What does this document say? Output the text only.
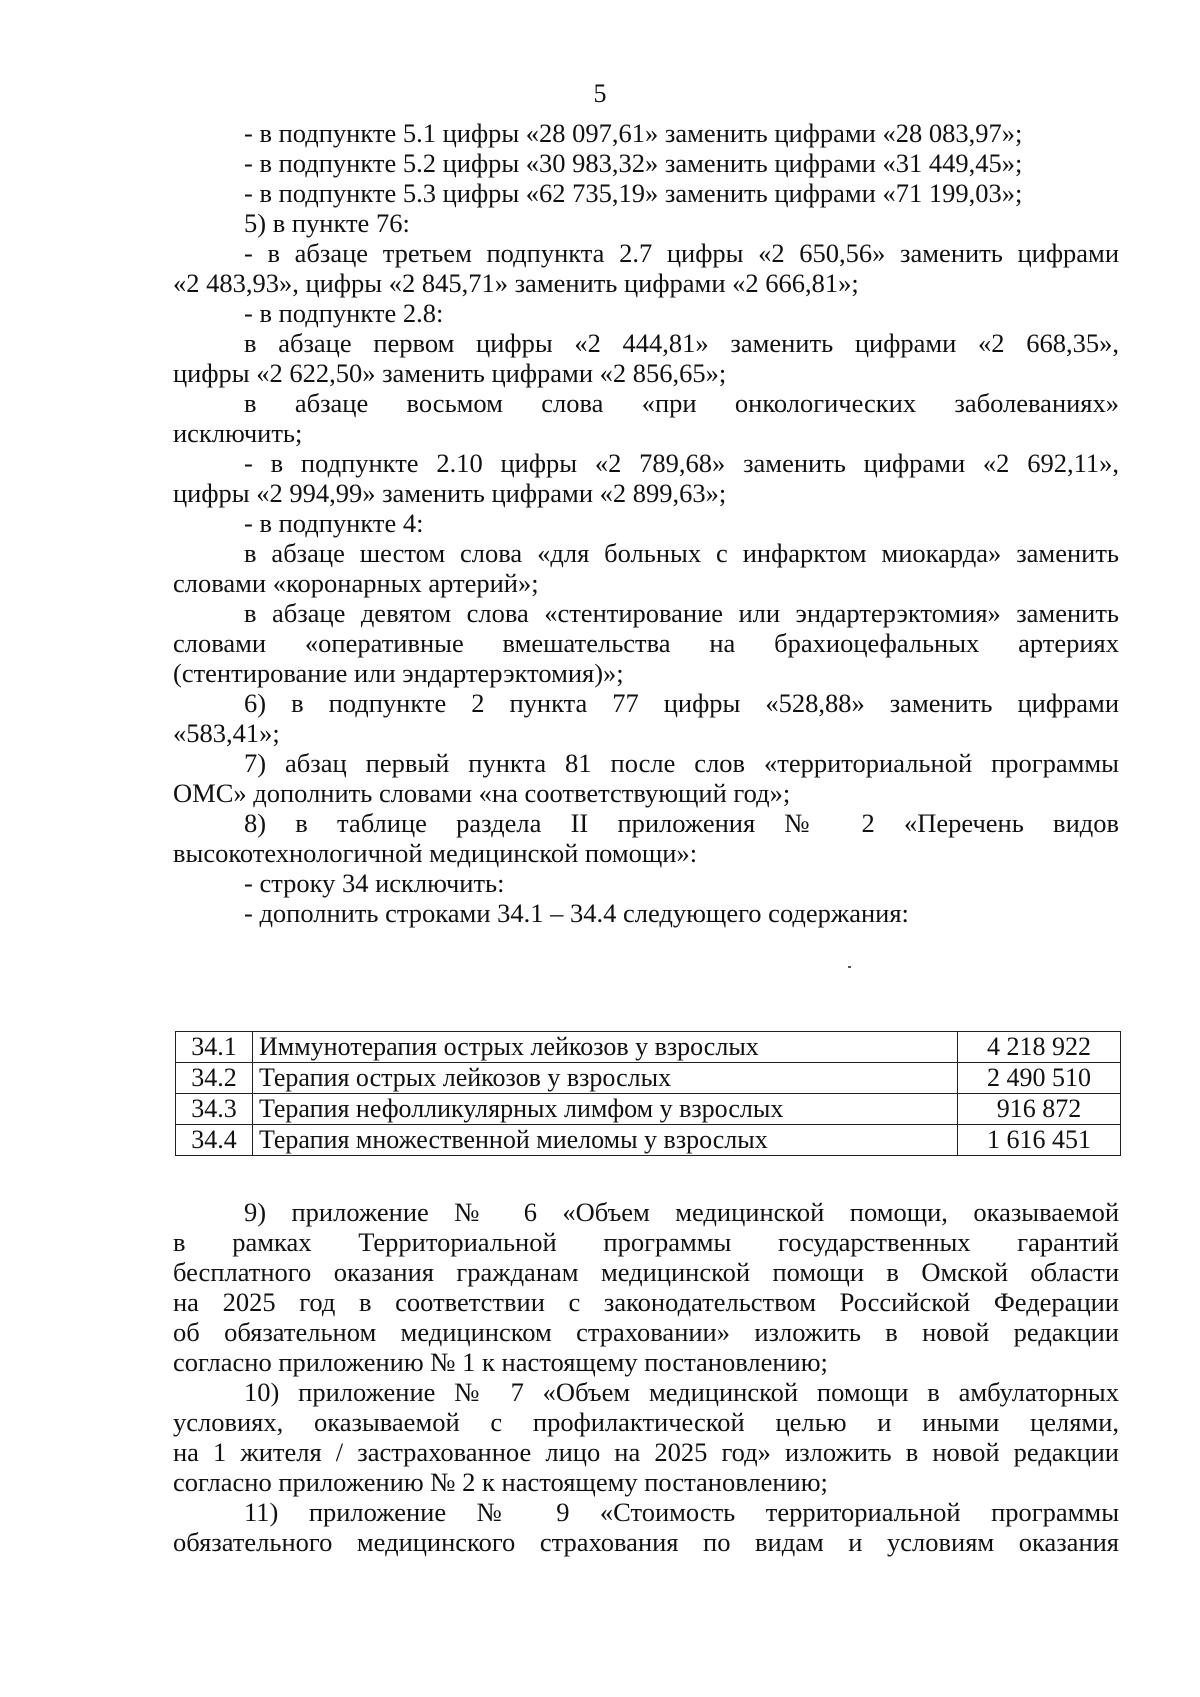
5
- в подпункте 5.1 цифры «28 097,61» заменить цифрами «28 083,97»;
- в подпункте 5.2 цифры «30 983,32» заменить цифрами «31 449,45»;
- в подпункте 5.3 цифры «62 735,19» заменить цифрами «71 199,03»;
5) в пункте 76:
- в абзаце третьем подпункта 2.7 цифры «2 650,56» заменить цифрами
«2 483,93», цифры «2 845,71» заменить цифрами «2 666,81»;
- в подпункте 2.8:
в абзаце первом цифры «2 444,81» заменить цифрами «2 668,35»,
цифры «2 622,50» заменить цифрами «2 856,65»;
в абзаце восьмом слова «при онкологических заболеваниях»
исключить;
- в подпункте 2.10 цифры «2 789,68» заменить цифрами «2 692,11»,
цифры «2 994,99» заменить цифрами «2 899,63»;
- в подпункте 4:
в абзаце шестом слова «для больных с инфарктом миокарда» заменить
словами «коронарных артерий»;
в абзаце девятом слова «стентирование или эндартерэктомия» заменить
словами «оперативные вмешательства на брахиоцефальных артериях
(стентирование или эндартерэктомия)»;
6) в подпункте 2 пункта 77 цифры «528,88» заменить цифрами
«583,41»;
7) абзац первый пункта 81 после слов «территориальной программы
ОМС» дополнить словами «на соответствующий год»;
8) в таблице раздела II приложения № 2 «Перечень видов
высокотехнологичной медицинской помощи»:
- строку 34 исключить:
- дополнить строками 34.1 – 34.4 следующего содержания:
34.1	Иммунотерапия острых лейкозов у взрослых	4 218 922
34.2	Терапия острых лейкозов у взрослых	2 490 510
34.3	Терапия нефолликулярных лимфом у взрослых	916 872
34.4	Терапия множественной миеломы у взрослых	1 616 451
9) приложение № 6 «Объем медицинской помощи, оказываемой
в рамках Территориальной программы государственных гарантий
бесплатного оказания гражданам медицинской помощи в Омской области
на 2025 год в соответствии с законодательством Российской Федерации
об обязательном медицинском страховании» изложить в новой редакции
согласно приложению № 1 к настоящему постановлению;
10) приложение № 7 «Объем медицинской помощи в амбулаторных
условиях, оказываемой с профилактической целью и иными целями,
на 1 жителя / застрахованное лицо на 2025 год» изложить в новой редакции
согласно приложению № 2 к настоящему постановлению;
11) приложение № 9 «Стоимость территориальной программы
обязательного медицинского страхования по видам и условиям оказания
